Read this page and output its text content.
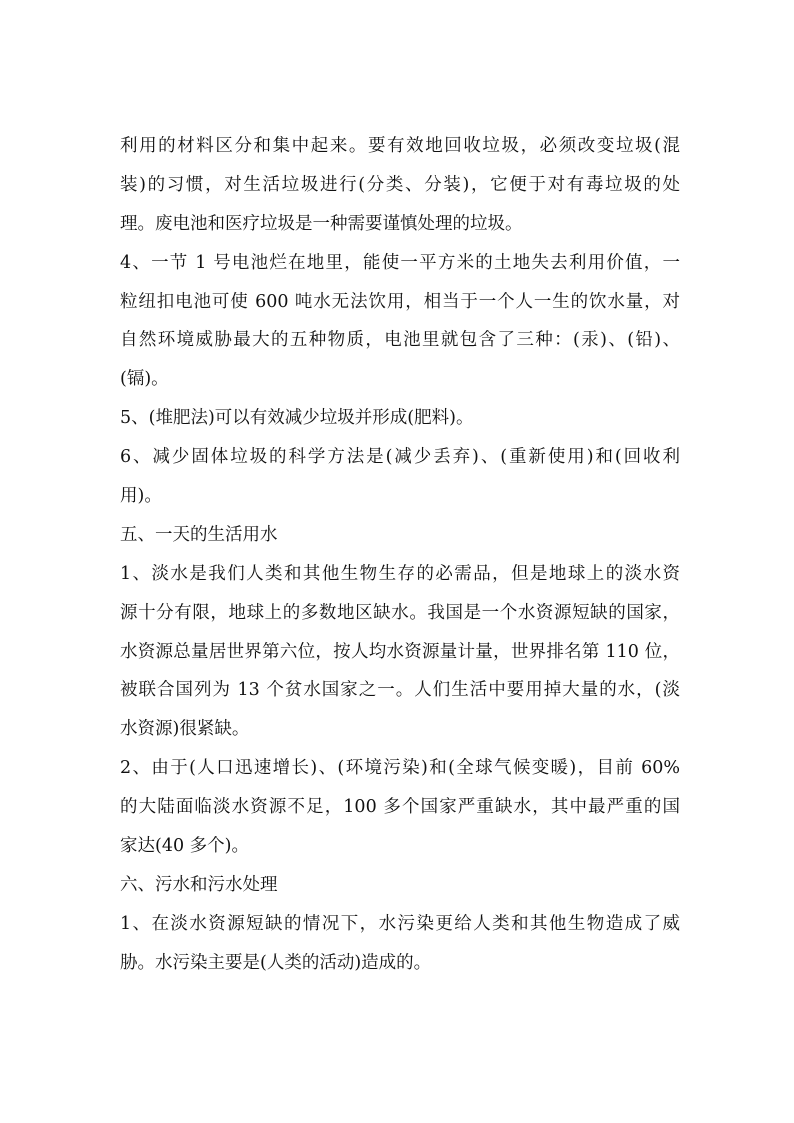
利用的材料区分和集中起来。要有效地回收垃圾，必须改变垃圾(混
装)的习惯，对生活垃圾进行(分类、分装)，它便于对有毒垃圾的处
理。废电池和医疗垃圾是一种需要谨慎处理的垃圾。
4、一节 1 号电池烂在地里，能使一平方米的土地失去利用价值，一
粒纽扣电池可使 600 吨水无法饮用，相当于一个人一生的饮水量，对
自然环境威胁最大的五种物质，电池里就包含了三种：(汞)、(铅)、
(镉)。
5、(堆肥法)可以有效减少垃圾并形成(肥料)。
6、减少固体垃圾的科学方法是(减少丢弃)、(重新使用)和(回收利
用)。
五、一天的生活用水
1、淡水是我们人类和其他生物生存的必需品，但是地球上的淡水资
源十分有限，地球上的多数地区缺水。我国是一个水资源短缺的国家，
水资源总量居世界第六位，按人均水资源量计量，世界排名第 110 位，
被联合国列为 13 个贫水国家之一。人们生活中要用掉大量的水，(淡
水资源)很紧缺。
2、由于(人口迅速增长)、(环境污染)和(全球气候变暖)，目前 60%
的大陆面临淡水资源不足，100 多个国家严重缺水，其中最严重的国
家达(40 多个)。
六、污水和污水处理
1、在淡水资源短缺的情况下，水污染更给人类和其他生物造成了威
胁。水污染主要是(人类的活动)造成的。
